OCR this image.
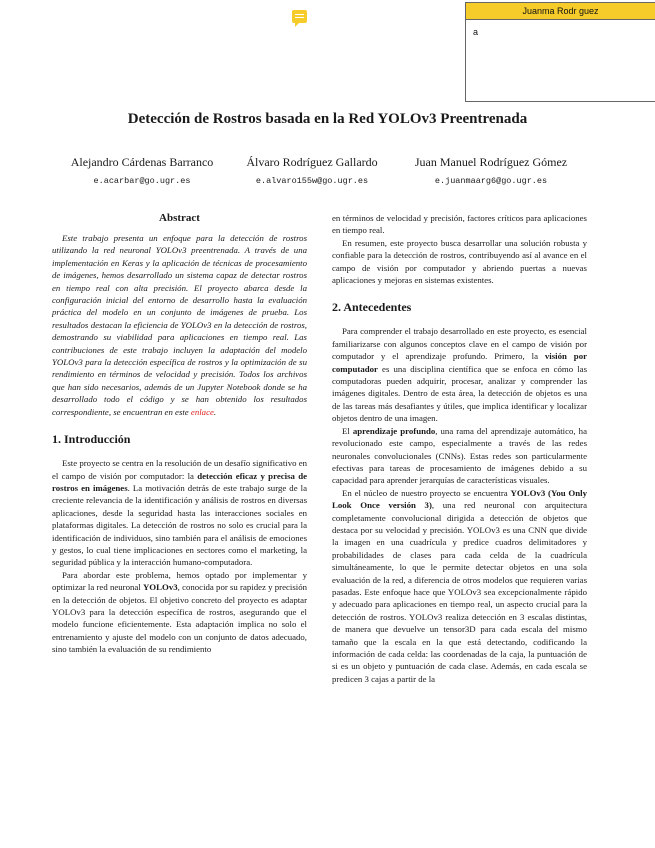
Juanma Rodr guez
a
Detección de Rostros basada en la Red YOLOv3 Preentrenada
Alejandro Cárdenas Barranco
e.acarbar@go.ugr.es
Álvaro Rodríguez Gallardo
e.alvaro155w@go.ugr.es
Juan Manuel Rodríguez Gómez
e.juanmaarg6@go.ugr.es
Abstract

Este trabajo presenta un enfoque para la detección de rostros utilizando la red neuronal YOLOv3 preentrenada. A través de una implementación en Keras y la aplicación de técnicas de procesamiento de imágenes, hemos desarrollado un sistema capaz de detectar rostros en tiempo real con alta precisión. El proyecto abarca desde la configuración inicial del entorno de desarrollo hasta la evaluación práctica del modelo en un conjunto de imágenes de prueba. Los resultados destacan la eficiencia de YOLOv3 en la detección de rostros, demostrando su viabilidad para aplicaciones en tiempo real. Las contribuciones de este trabajo incluyen la adaptación del modelo YOLOv3 para la detección específica de rostros y la optimización de su rendimiento en términos de velocidad y precisión. Todos los archivos que han sido necesarios, además de un Jupyter Notebook donde se ha desarrollado todo el código y se han obtenido los resultados correspondiente, se encuentran en este enlace.

1. Introducción

Este proyecto se centra en la resolución de un desafío significativo en el campo de visión por computador: la detección eficaz y precisa de rostros en imágenes. La motivación detrás de este trabajo surge de la creciente relevancia de la identificación y análisis de rostros en diversas aplicaciones, desde la seguridad hasta las interacciones sociales en plataformas digitales. La detección de rostros no solo es crucial para la identificación de individuos, sino también para el análisis de emociones y gestos, lo cual tiene implicaciones en sectores como el marketing, la seguridad pública y la interacción humano-computadora.

Para abordar este problema, hemos optado por implementar y optimizar la red neuronal YOLOv3, conocida por su rapidez y precisión en la detección de objetos. El objetivo concreto del proyecto es adaptar YOLOv3 para la detección específica de rostros, asegurando que el modelo funcione eficientemente. Esta adaptación implica no solo el entrenamiento y ajuste del modelo con un conjunto de datos adecuado, sino también la evaluación de su rendimiento

en términos de velocidad y precisión, factores críticos para aplicaciones en tiempo real.

En resumen, este proyecto busca desarrollar una solución robusta y confiable para la detección de rostros, contribuyendo así al avance en el campo de visión por computador y abriendo puertas a nuevas aplicaciones y mejoras en sistemas existentes.

2. Antecedentes

Para comprender el trabajo desarrollado en este proyecto, es esencial familiarizarse con algunos conceptos clave en el campo de visión por computador y el aprendizaje profundo. Primero, la visión por computador es una disciplina científica que se enfoca en cómo las computadoras pueden adquirir, procesar, analizar y comprender las imágenes digitales. Dentro de esta área, la detección de objetos es una de las tareas más desafiantes y útiles, que implica identificar y localizar objetos dentro de una imagen.

El aprendizaje profundo, una rama del aprendizaje automático, ha revolucionado este campo, especialmente a través de las redes neuronales convolucionales (CNNs). Estas redes son particularmente efectivas para tareas de procesamiento de imágenes debido a su capacidad para aprender jerarquías de características visuales.

En el núcleo de nuestro proyecto se encuentra YOLOv3 (You Only Look Once versión 3), una red neuronal con arquitectura completamente convolucional dirigida a detección de objetos que destaca por su velocidad y precisión. YOLOv3 es una CNN que divide la imagen en una cuadrícula y predice cuadros delimitadores y probabilidades de clases para cada celda de la cuadrícula simultáneamente, lo que le permite detectar objetos en una sola evaluación de la red, a diferencia de otros modelos que requieren varias pasadas. Este enfoque hace que YOLOv3 sea excepcionalmente rápido y adecuado para aplicaciones en tiempo real, un aspecto crucial para la detección de rostros. YOLOv3 realiza detección en 3 escalas distintas, de manera que devuelve un tensor3D para cada escala del mismo tamaño que la escala en la que está detectando, codificando la información de cada celda: las coordenadas de la caja, la puntuación de si es un objeto y puntuación de cada clase. Además, en cada escala se predicen 3 cajas a partir de la
